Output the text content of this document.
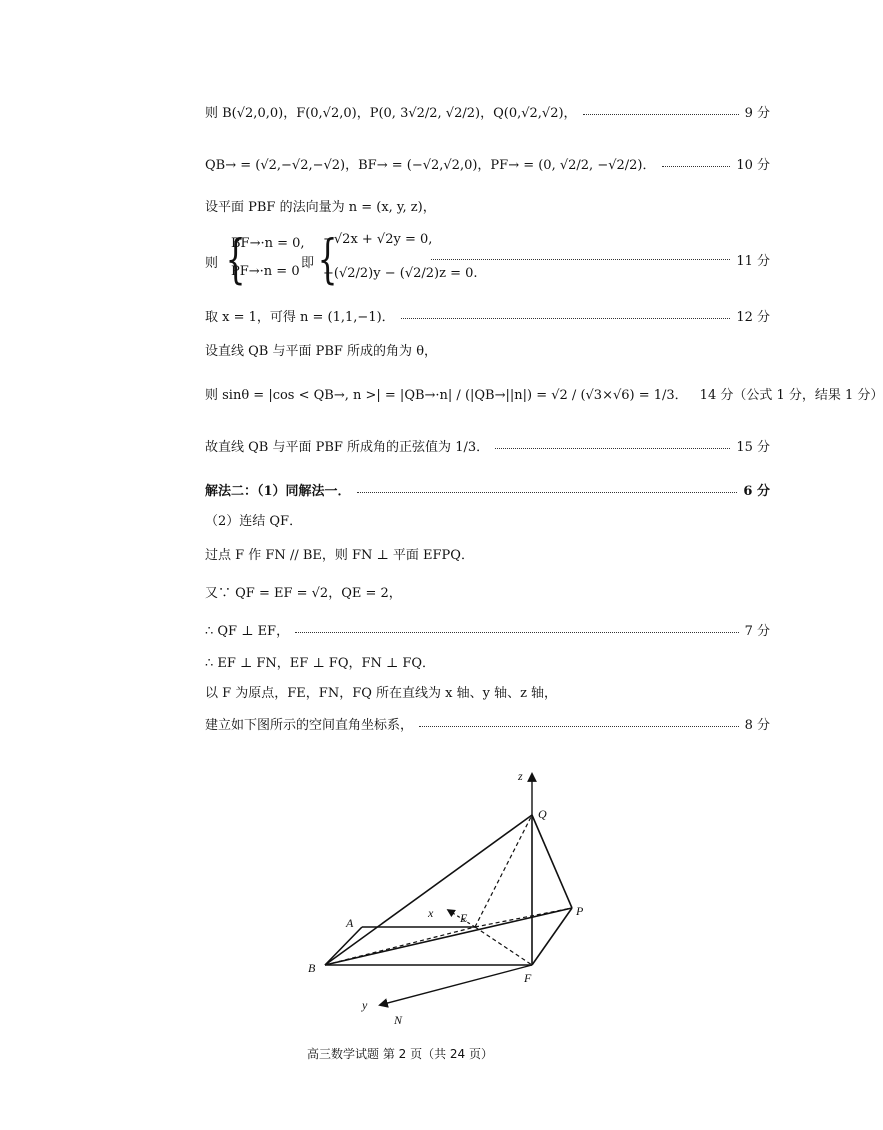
则 B(√2,0,0)，F(0,√2,0)，P(0, 3√2/2, √2/2)，Q(0,√2,√2)，	9 分
QB→ = (√2,−√2,−√2)，BF→ = (−√2,√2,0)，PF→ = (0, √2/2, −√2/2)．	10 分
设平面 PBF 的法向量为 n = (x, y, z)，
则 {
BF→·n = 0,
PF→·n = 0
即 {
−√2x + √2y = 0,
−(√2/2)y − (√2/2)z = 0.
11 分
取 x = 1，可得 n = (1,1,−1)．	12 分
设直线 QB 与平面 PBF 所成的角为 θ，
则 sinθ = |cos < QB→, n >| = |QB→·n| / (|QB→||n|) = √2 / (√3×√6) = 1/3． 14 分（公式 1 分，结果 1 分）
故直线 QB 与平面 PBF 所成角的正弦值为 1/3．	15 分
解法二：（1）同解法一．	6 分
（2）连结 QF．
过点 F 作 FN // BE，则 FN ⊥ 平面 EFPQ．
又∵ QF = EF = √2，QE = 2，
∴ QF ⊥ EF，	7 分
∴ EF ⊥ FN，EF ⊥ FQ，FN ⊥ FQ．
以 F 为原点，FE，FN，FQ 所在直线为 x 轴、y 轴、z 轴，
建立如下图所示的空间直角坐标系，	8 分
z
Q
P
A
x E
B
F
y
N
高三数学试题 第 2 页（共 24 页）
